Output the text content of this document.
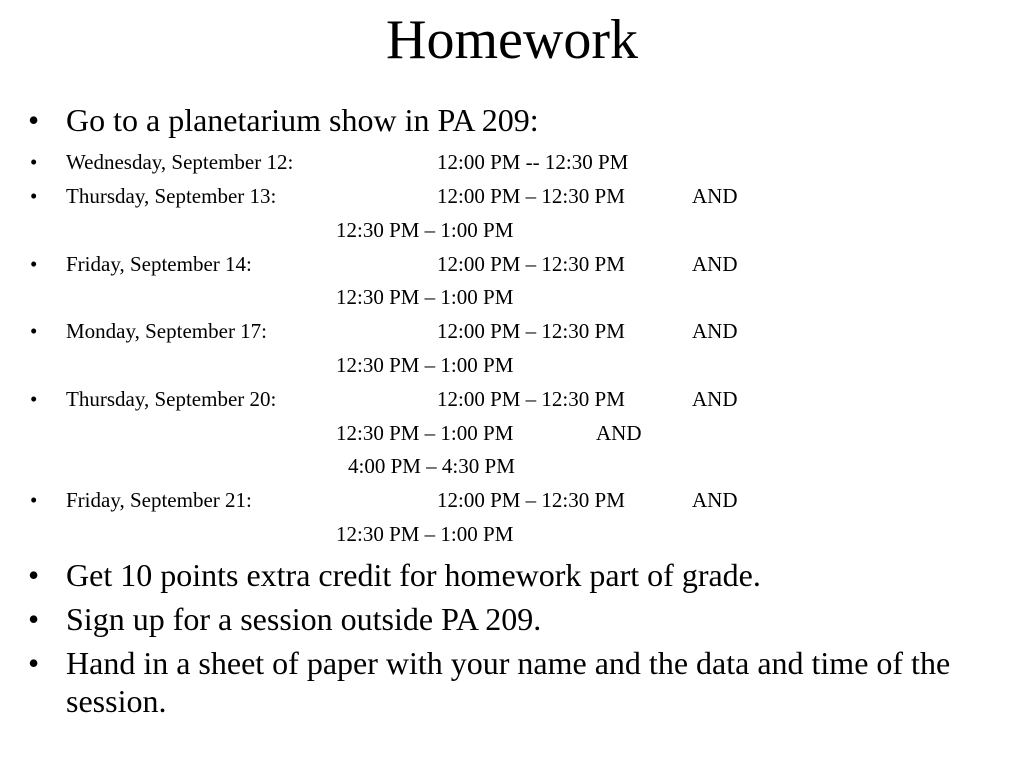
Homework
• Go to a planetarium show in PA 209:
• Wednesday, September 12:	12:00 PM -- 12:30 PM
• Thursday, September 13:	12:00 PM – 12:30 PM	AND
12:30 PM – 1:00 PM
• Friday, September 14:	12:00 PM – 12:30 PM	AND
12:30 PM – 1:00 PM
• Monday, September 17:	12:00 PM – 12:30 PM	AND
12:30 PM – 1:00 PM
• Thursday, September 20:	12:00 PM – 12:30 PM	AND
12:30 PM – 1:00 PM	AND
4:00 PM – 4:30 PM
• Friday, September 21:	12:00 PM – 12:30 PM	AND
12:30 PM – 1:00 PM
• Get 10 points extra credit for homework part of grade.
• Sign up for a session outside PA 209.
• Hand in a sheet of paper with your name and the data and time of the session.
